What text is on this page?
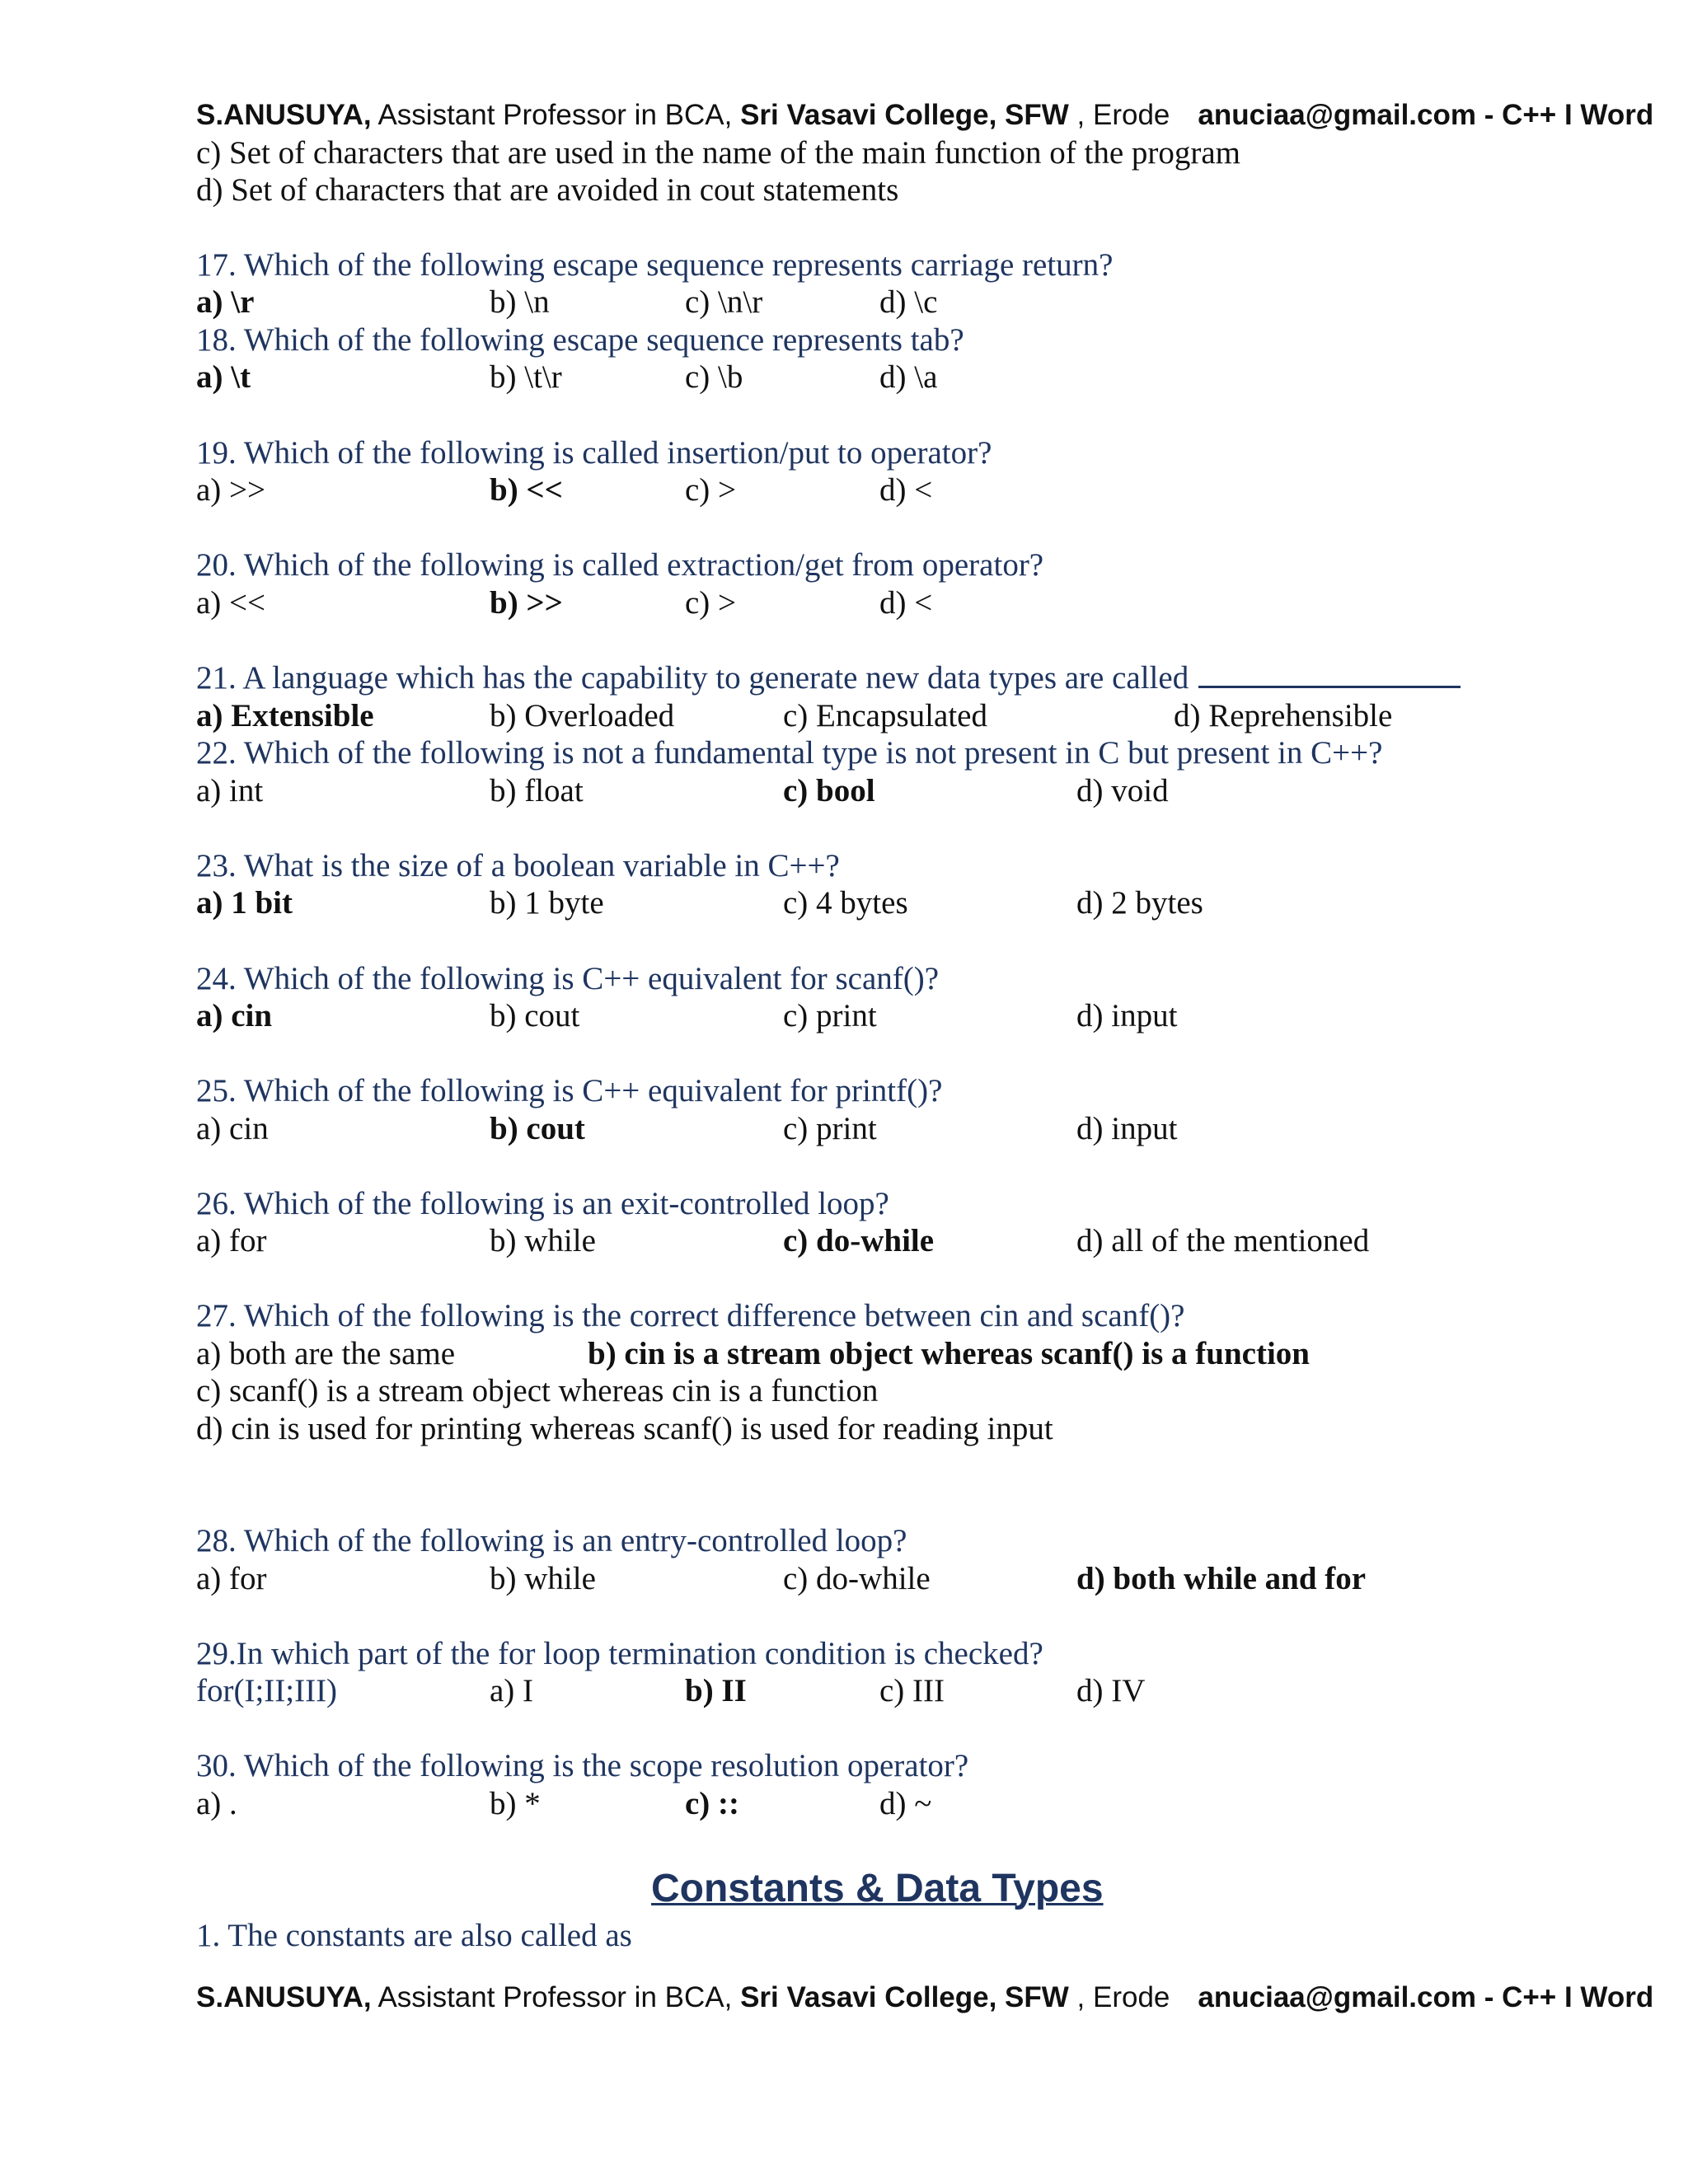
S.ANUSUYA, Assistant Professor in BCA, Sri Vasavi College, SFW , Erode anuciaa@gmail.com - C++ I Word
c) Set of characters that are used in the name of the main function of the program
d) Set of characters that are avoided in cout statements
17. Which of the following escape sequence represents carriage return?
a) \r	b) \n	c) \n\r	d) \c
18. Which of the following escape sequence represents tab?
a) \t	b) \t\r	c) \b	d) \a
19. Which of the following is called insertion/put to operator?
a) >>	b) <<	c) >	d) <
20. Which of the following is called extraction/get from operator?
a) <<	b) >>	c) >	d) <
21. A language which has the capability to generate new data types are called
a) Extensible	b) Overloaded	c) Encapsulated	d) Reprehensible
22. Which of the following is not a fundamental type is not present in C but present in C++?
a) int	b) float	c) bool	d) void
23. What is the size of a boolean variable in C++?
a) 1 bit	b) 1 byte	c) 4 bytes	d) 2 bytes
24. Which of the following is C++ equivalent for scanf()?
a) cin	b) cout	c) print	d) input
25. Which of the following is C++ equivalent for printf()?
a) cin	b) cout	c) print	d) input
26. Which of the following is an exit-controlled loop?
a) for	b) while	c) do-while	d) all of the mentioned
27. Which of the following is the correct difference between cin and scanf()?
a) both are the same	b) cin is a stream object whereas scanf() is a function
c) scanf() is a stream object whereas cin is a function
d) cin is used for printing whereas scanf() is used for reading input
28. Which of the following is an entry-controlled loop?
a) for	b) while	c) do-while	d) both while and for
29.In which part of the for loop termination condition is checked?
for(I;II;III)	a) I	b) II	c) III	d) IV
30. Which of the following is the scope resolution operator?
a) .	b) *	c) ::	d) ~
Constants & Data Types
1. The constants are also called as
S.ANUSUYA, Assistant Professor in BCA, Sri Vasavi College, SFW , Erode anuciaa@gmail.com - C++ I Word
